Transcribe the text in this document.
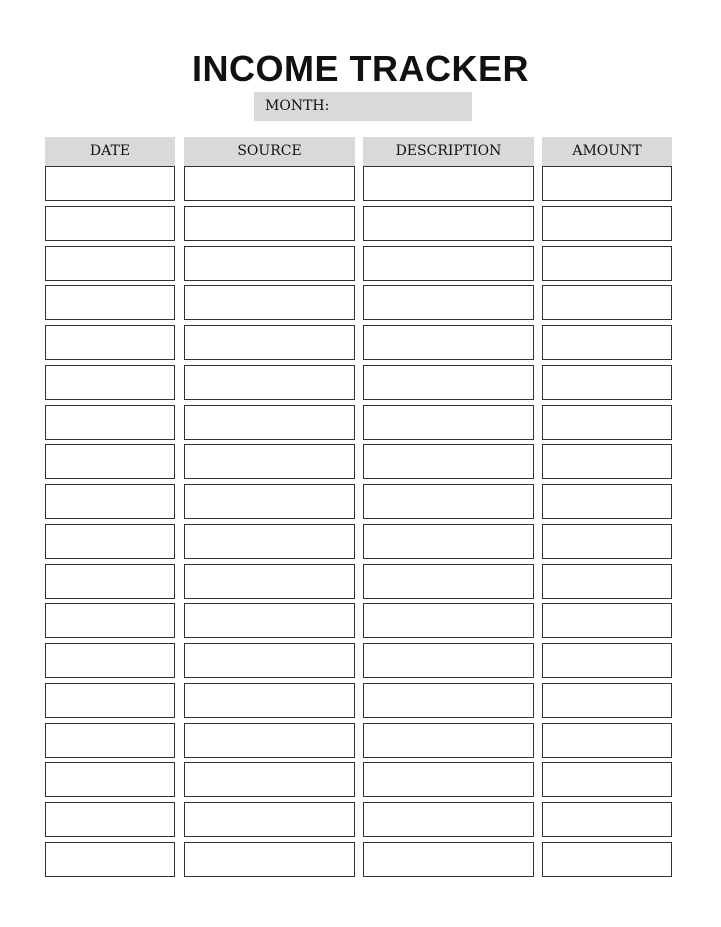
INCOME TRACKER
MONTH:
DATE	SOURCE	DESCRIPTION	AMOUNT
